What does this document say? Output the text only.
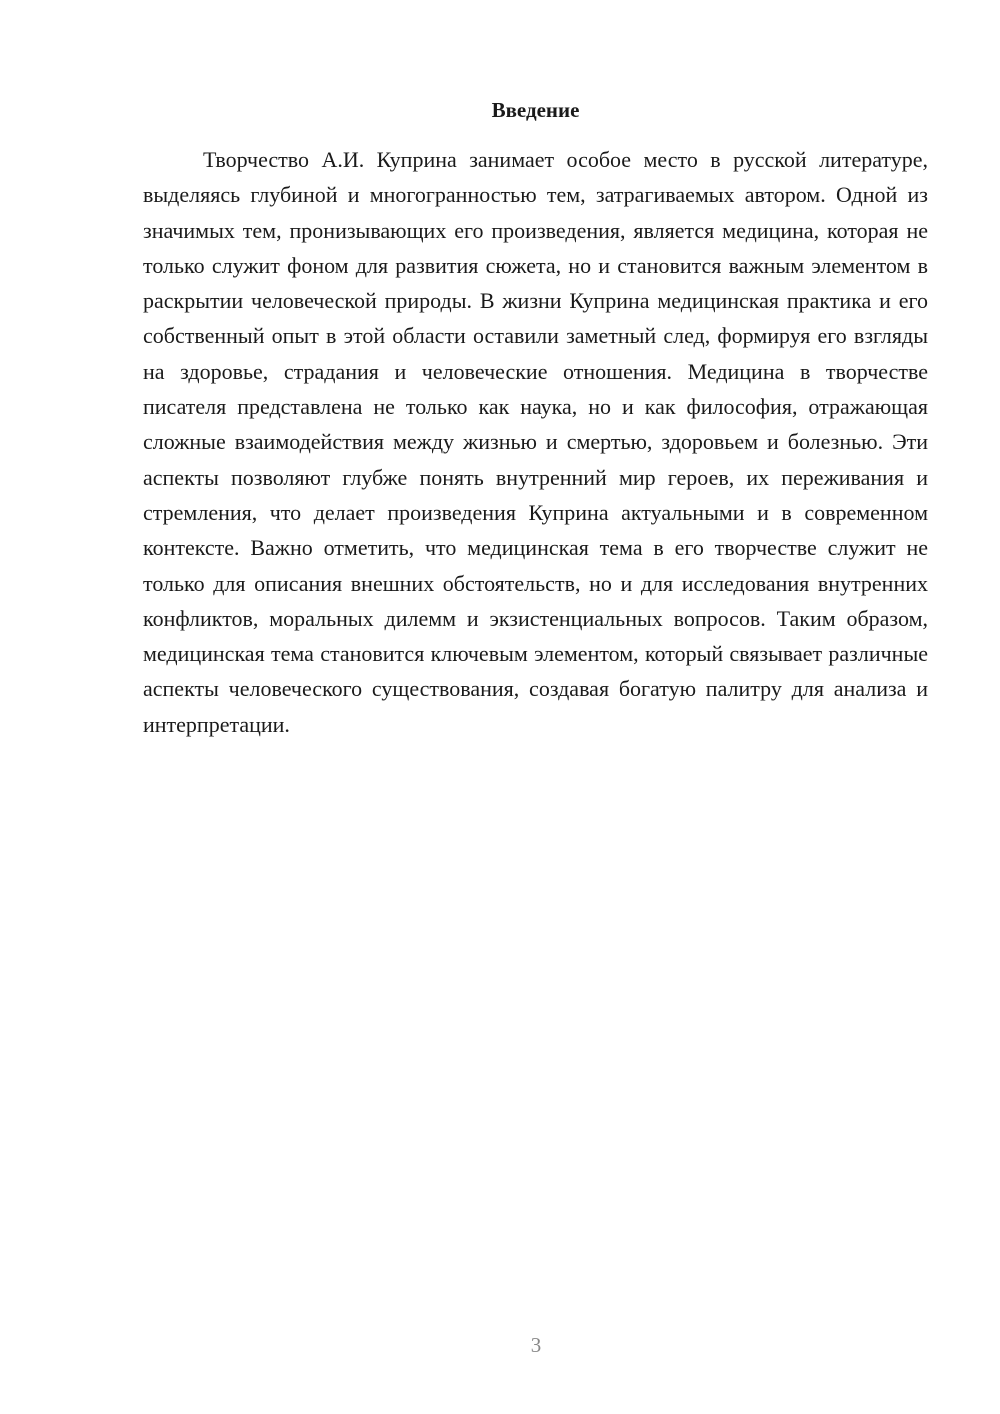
Введение

Творчество А.И. Куприна занимает особое место в русской литературе, выделяясь глубиной и многогранностью тем, затрагиваемых автором. Одной из значимых тем, пронизывающих его произведения, является медицина, которая не только служит фоном для развития сюжета, но и становится важным элементом в раскрытии человеческой природы. В жизни Куприна медицинская практика и его собственный опыт в этой области оставили заметный след, формируя его взгляды на здоровье, страдания и человеческие отношения. Медицина в творчестве писателя представлена не только как наука, но и как философия, отражающая сложные взаимодействия между жизнью и смертью, здоровьем и болезнью. Эти аспекты позволяют глубже понять внутренний мир героев, их переживания и стремления, что делает произведения Куприна актуальными и в современном контексте. Важно отметить, что медицинская тема в его творчестве служит не только для описания внешних обстоятельств, но и для исследования внутренних конфликтов, моральных дилемм и экзистенциальных вопросов. Таким образом, медицинская тема становится ключевым элементом, который связывает различные аспекты человеческого существования, создавая богатую палитру для анализа и интерпретации.

3
